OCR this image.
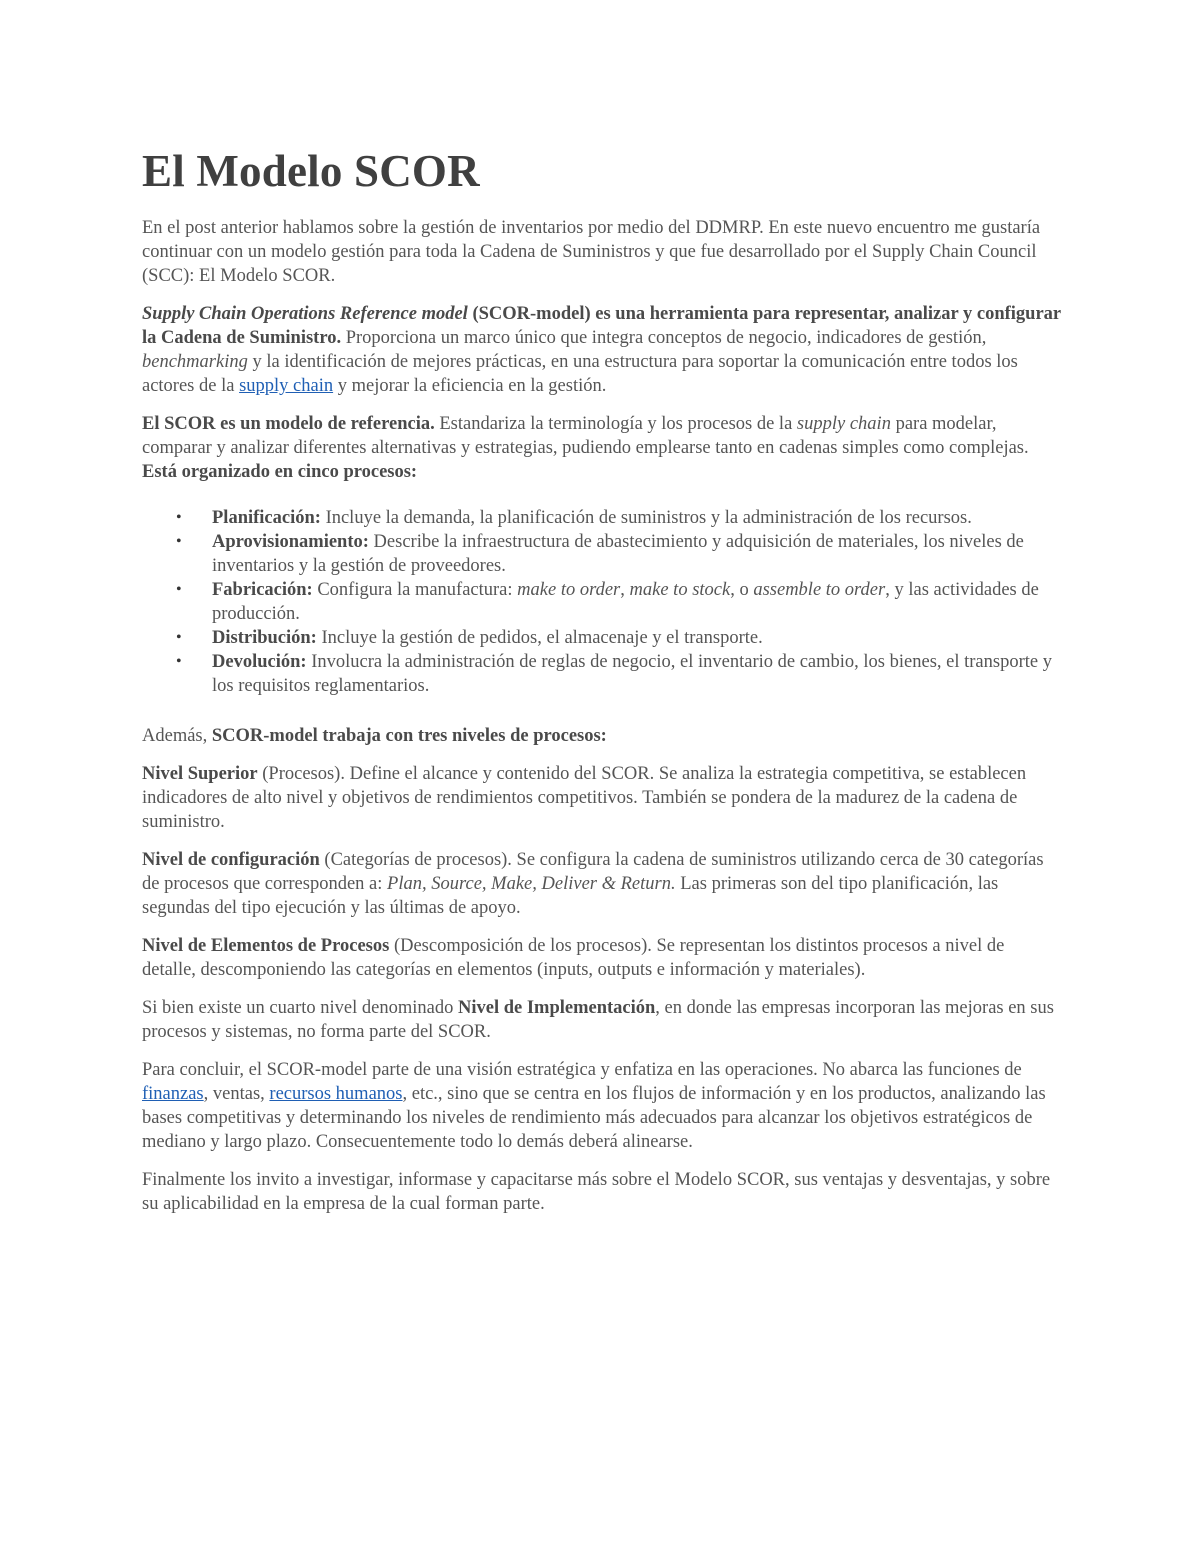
El Modelo SCOR

En el post anterior hablamos sobre la gestión de inventarios por medio del DDMRP. En este nuevo encuentro me gustaría continuar con un modelo gestión para toda la Cadena de Suministros y que fue desarrollado por el Supply Chain Council (SCC): El Modelo SCOR.

Supply Chain Operations Reference model (SCOR-model) es una herramienta para representar, analizar y configurar la Cadena de Suministro. Proporciona un marco único que integra conceptos de negocio, indicadores de gestión, benchmarking y la identificación de mejores prácticas, en una estructura para soportar la comunicación entre todos los actores de la supply chain y mejorar la eficiencia en la gestión.

El SCOR es un modelo de referencia. Estandariza la terminología y los procesos de la supply chain para modelar, comparar y analizar diferentes alternativas y estrategias, pudiendo emplearse tanto en cadenas simples como complejas. Está organizado en cinco procesos:

• Planificación: Incluye la demanda, la planificación de suministros y la administración de los recursos.
• Aprovisionamiento: Describe la infraestructura de abastecimiento y adquisición de materiales, los niveles de inventarios y la gestión de proveedores.
• Fabricación: Configura la manufactura: make to order, make to stock, o assemble to order, y las actividades de producción.
• Distribución: Incluye la gestión de pedidos, el almacenaje y el transporte.
• Devolución: Involucra la administración de reglas de negocio, el inventario de cambio, los bienes, el transporte y los requisitos reglamentarios.

Además, SCOR-model trabaja con tres niveles de procesos:

Nivel Superior (Procesos). Define el alcance y contenido del SCOR. Se analiza la estrategia competitiva, se establecen indicadores de alto nivel y objetivos de rendimientos competitivos. También se pondera de la madurez de la cadena de suministro.

Nivel de configuración (Categorías de procesos). Se configura la cadena de suministros utilizando cerca de 30 categorías de procesos que corresponden a: Plan, Source, Make, Deliver & Return. Las primeras son del tipo planificación, las segundas del tipo ejecución y las últimas de apoyo.

Nivel de Elementos de Procesos (Descomposición de los procesos). Se representan los distintos procesos a nivel de detalle, descomponiendo las categorías en elementos (inputs, outputs e información y materiales).

Si bien existe un cuarto nivel denominado Nivel de Implementación, en donde las empresas incorporan las mejoras en sus procesos y sistemas, no forma parte del SCOR.

Para concluir, el SCOR-model parte de una visión estratégica y enfatiza en las operaciones. No abarca las funciones de finanzas, ventas, recursos humanos, etc., sino que se centra en los flujos de información y en los productos, analizando las bases competitivas y determinando los niveles de rendimiento más adecuados para alcanzar los objetivos estratégicos de mediano y largo plazo. Consecuentemente todo lo demás deberá alinearse.

Finalmente los invito a investigar, informase y capacitarse más sobre el Modelo SCOR, sus ventajas y desventajas, y sobre su aplicabilidad en la empresa de la cual forman parte.
